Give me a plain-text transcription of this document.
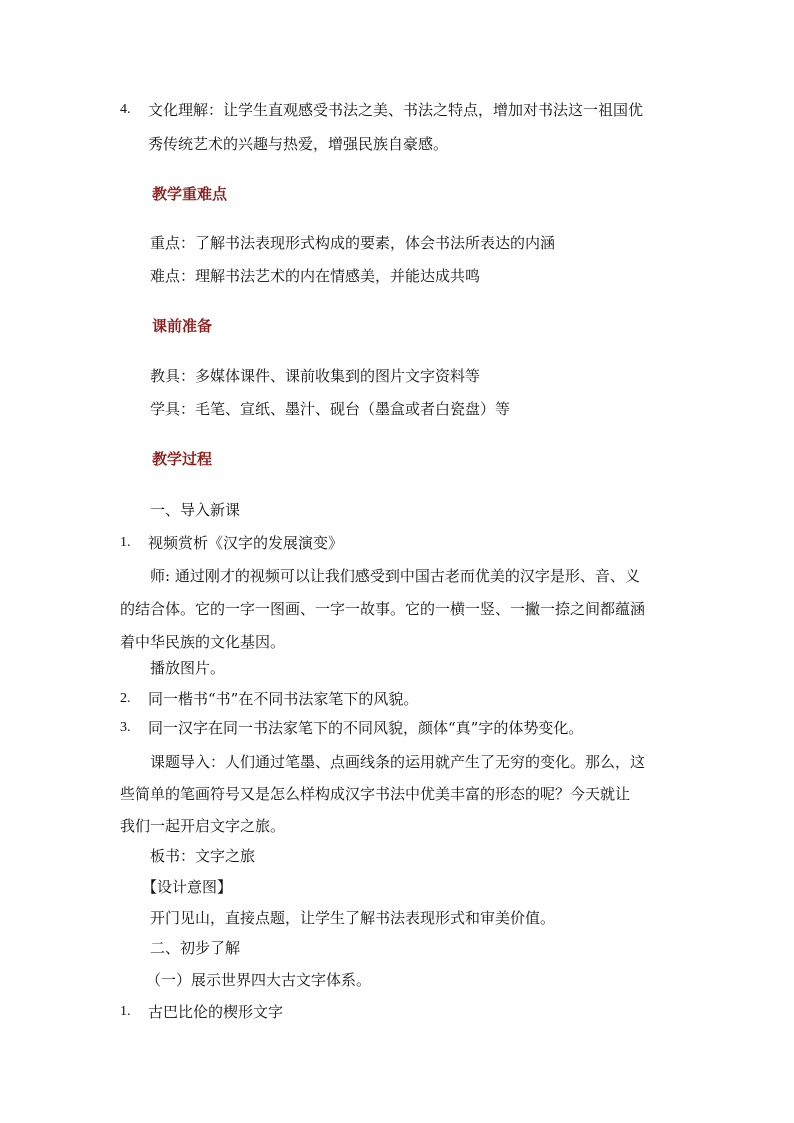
4. 文化理解：让学生直观感受书法之美、书法之特点，增加对书法这一祖国优
秀传统艺术的兴趣与热爱，增强民族自豪感。
教学重难点
重点：了解书法表现形式构成的要素，体会书法所表达的内涵
难点：理解书法艺术的内在情感美，并能达成共鸣
课前准备
教具：多媒体课件、课前收集到的图片文字资料等
学具：毛笔、宣纸、墨汁、砚台（墨盒或者白瓷盘）等
教学过程
一、导入新课
1. 视频赏析《汉字的发展演变》
师: 通过刚才的视频可以让我们感受到中国古老而优美的汉字是形、音、义
的结合体。它的一字一图画、一字一故事。它的一横一竖、一撇一捺之间都蕴涵
着中华民族的文化基因。
播放图片。
2. 同一楷书“书”在不同书法家笔下的风貌。
3. 同一汉字在同一书法家笔下的不同风貌，颜体“真”字的体势变化。
课题导入：人们通过笔墨、点画线条的运用就产生了无穷的变化。那么，这
些简单的笔画符号又是怎么样构成汉字书法中优美丰富的形态的呢？今天就让
我们一起开启文字之旅。
板书：文字之旅
【设计意图】
开门见山，直接点题，让学生了解书法表现形式和审美价值。
二、初步了解
（一）展示世界四大古文字体系。
1. 古巴比伦的楔形文字
